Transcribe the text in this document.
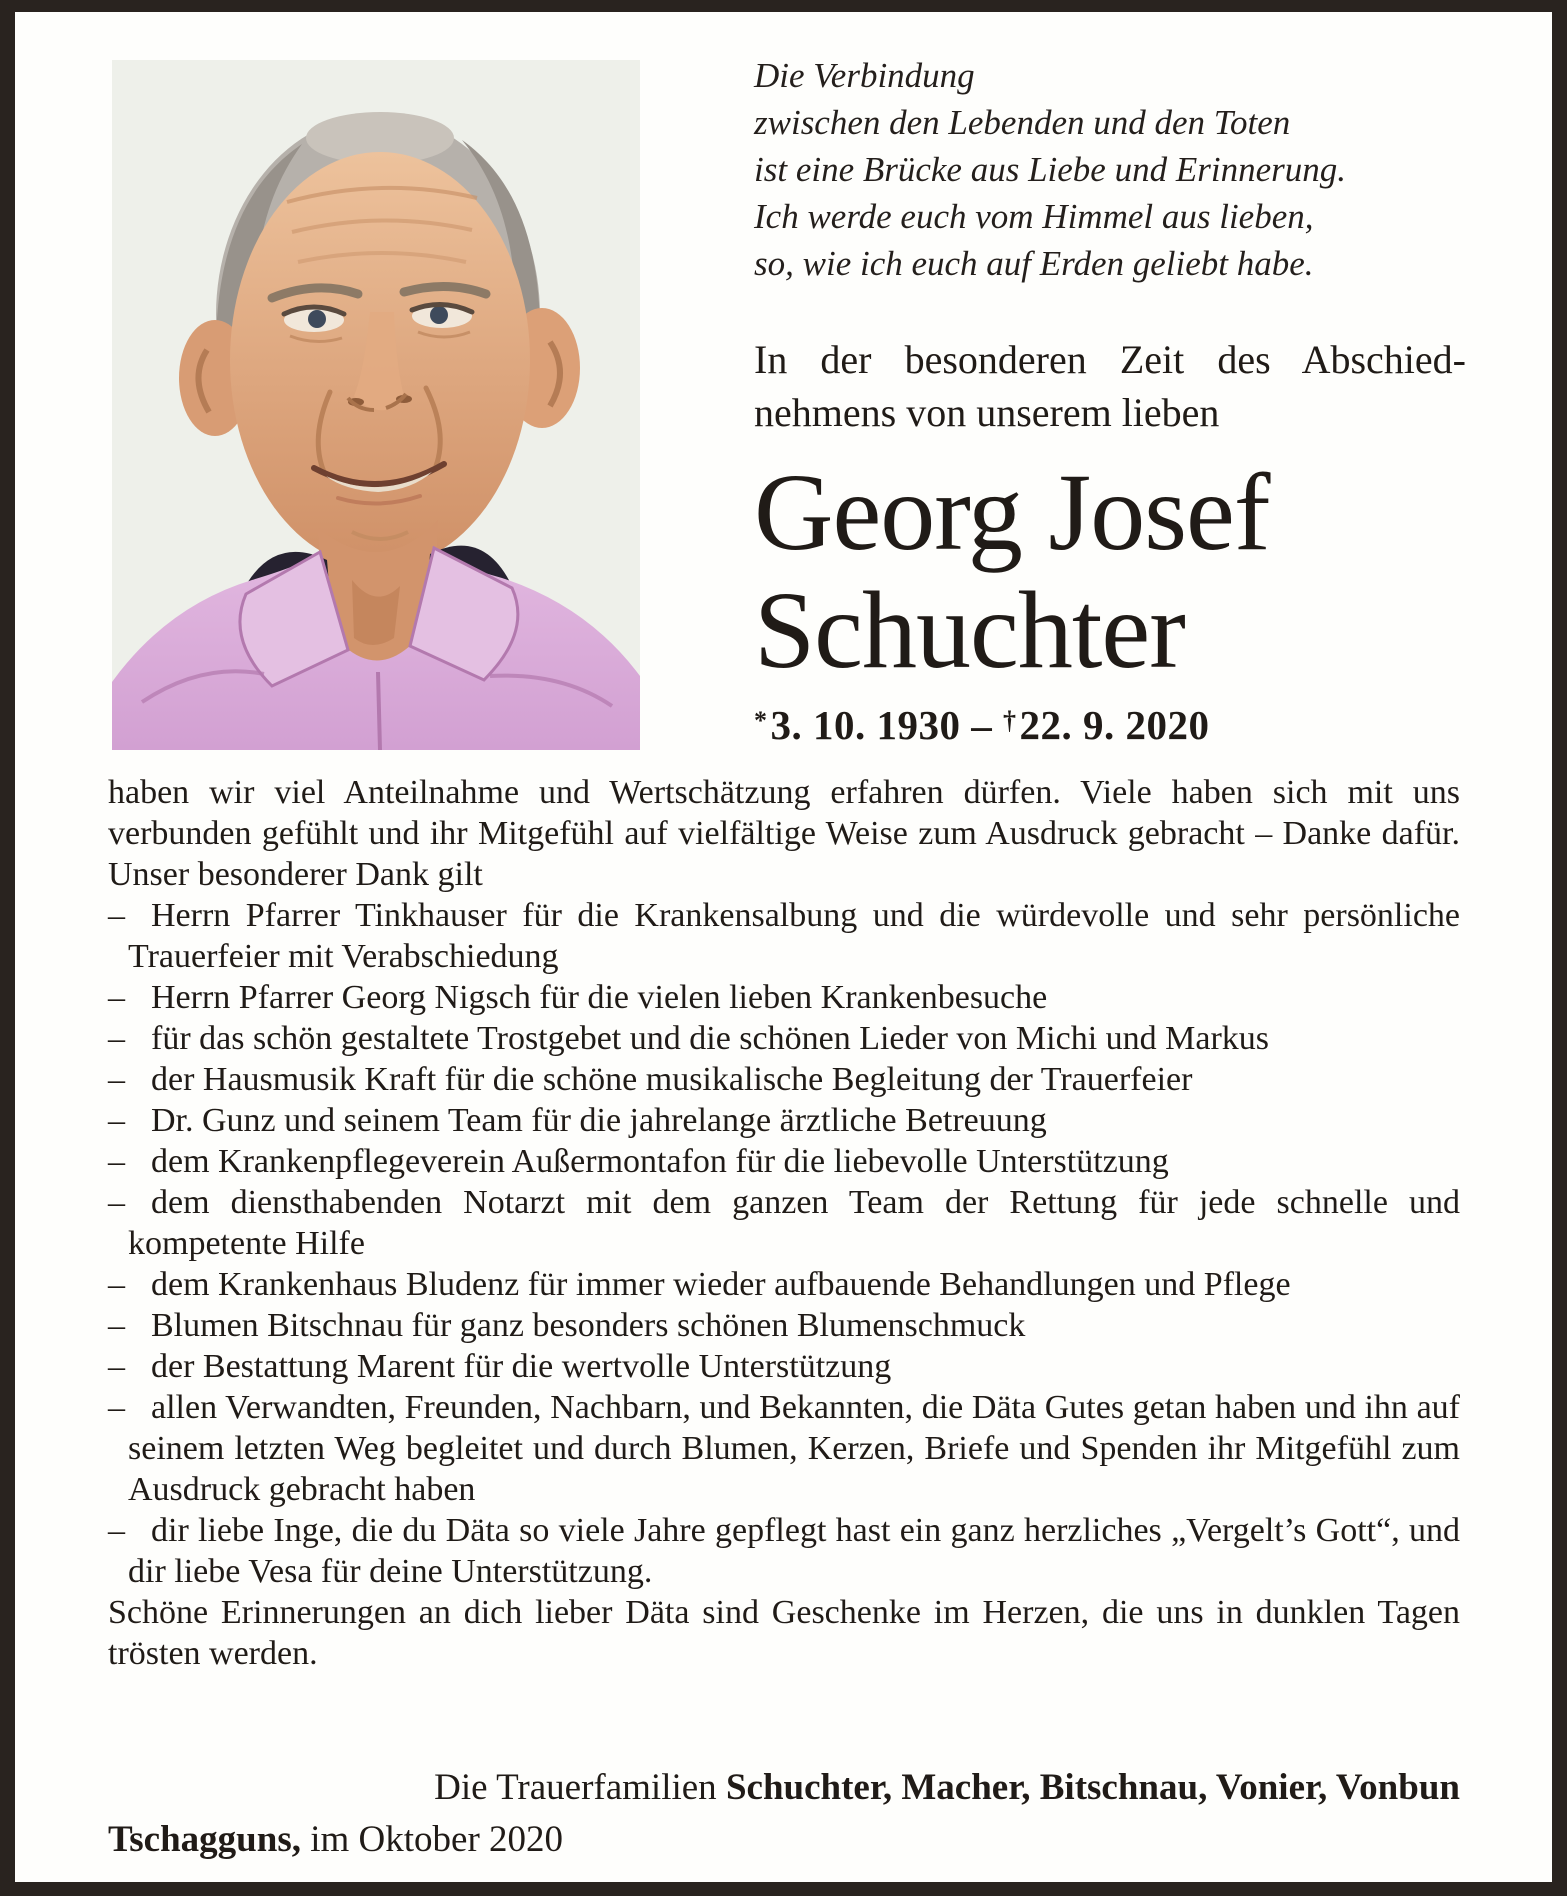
Die Verbindung
zwischen den Lebenden und den Toten
ist eine Brücke aus Liebe und Erinnerung.
Ich werde euch vom Himmel aus lieben,
so, wie ich euch auf Erden geliebt habe.
In der besonderen Zeit des Abschied-
nehmens von unserem lieben
Georg Josef
Schuchter
*3. 10. 1930 – †22. 9. 2020

haben wir viel Anteilnahme und Wertschätzung erfahren dürfen. Viele haben sich mit uns verbunden gefühlt und ihr Mitgefühl auf vielfältige Weise zum Ausdruck gebracht – Danke dafür. Unser besonderer Dank gilt

– Herrn Pfarrer Tinkhauser für die Krankensalbung und die würdevolle und sehr persönliche Trauerfeier mit Verabschiedung

– Herrn Pfarrer Georg Nigsch für die vielen lieben Krankenbesuche

– für das schön gestaltete Trostgebet und die schönen Lieder von Michi und Markus

– der Hausmusik Kraft für die schöne musikalische Begleitung der Trauerfeier

– Dr. Gunz und seinem Team für die jahrelange ärztliche Betreuung

– dem Krankenpflegeverein Außermontafon für die liebevolle Unterstützung

– dem diensthabenden Notarzt mit dem ganzen Team der Rettung für jede schnelle und kompetente Hilfe

– dem Krankenhaus Bludenz für immer wieder aufbauende Behandlungen und Pflege

– Blumen Bitschnau für ganz besonders schönen Blumenschmuck

– der Bestattung Marent für die wertvolle Unterstützung

– allen Verwandten, Freunden, Nachbarn, und Bekannten, die Däta Gutes getan haben und ihn auf seinem letzten Weg begleitet und durch Blumen, Kerzen, Briefe und Spenden ihr Mitgefühl zum Ausdruck gebracht haben

– dir liebe Inge, die du Däta so viele Jahre gepflegt hast ein ganz herzliches „Vergelt’s Gott“, und dir liebe Vesa für deine Unterstützung.

Schöne Erinnerungen an dich lieber Däta sind Geschenke im Herzen, die uns in dunklen Tagen trösten werden.

Die Trauerfamilien Schuchter, Macher, Bitschnau, Vonier, Vonbun
Tschagguns, im Oktober 2020
